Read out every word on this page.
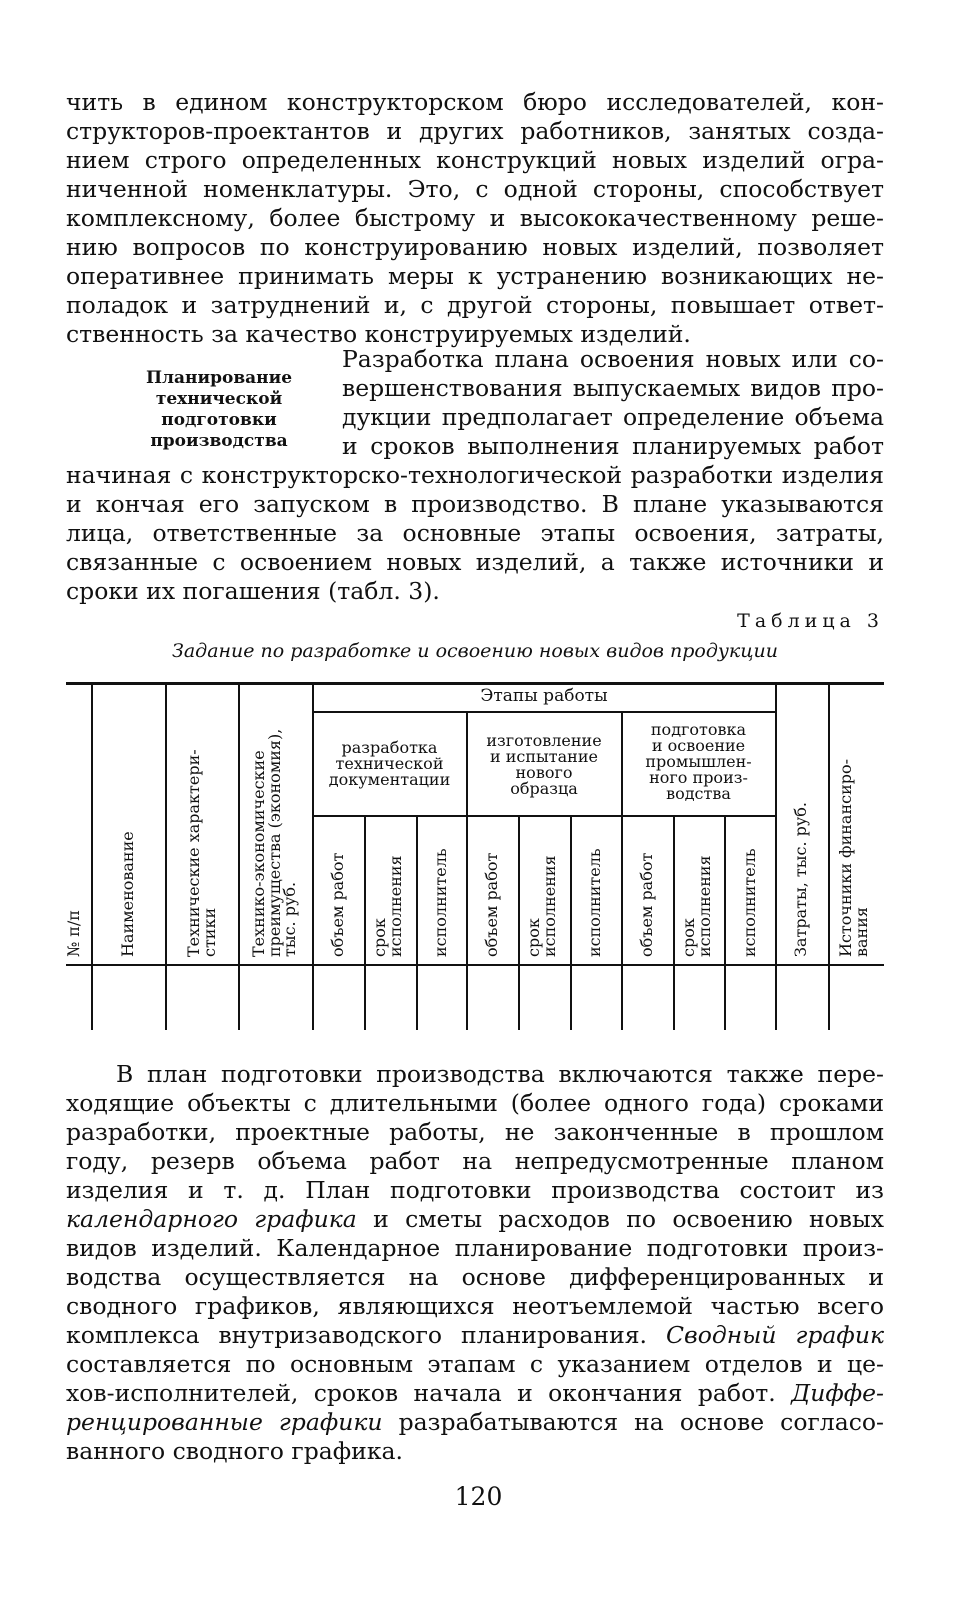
чить в едином конструкторском бюро исследователей, кон-
структоров-проектантов и других работников, занятых созда-
нием строго определенных конструкций новых изделий огра-
ниченной номенклатуры. Это, с одной стороны, способствует
комплексному, более быстрому и высококачественному реше-
нию вопросов по конструированию новых изделий, позволяет
оперативнее принимать меры к устранению возникающих не-
поладок и затруднений и, с другой стороны, повышает ответ-
ственность за качество конструируемых изделий.
Планирование
технической подготовки
производства
Разработка плана освоения новых или со-
вершенствования выпускаемых видов про-
дукции предполагает определение объема
и сроков выполнения планируемых работ
начиная с конструкторско-технологической разработки изделия
и кончая его запуском в производство. В плане указываются
лица, ответственные за основные этапы освоения, затраты,
связанные с освоением новых изделий, а также источники и
сроки их погашения (табл. 3).
Таблица 3
Задание по разработке и освоению новых видов продукции
Этапы работы
разработка
технической
документации
изготовление
и испытание
нового
образца
подготовка
и освоение
промышлен-
ного произ-
водства
№ п/п Наименование	Технические характери-
стики Технико-экономические
преимущества (экономия),
тыс. руб. объем работ срок
исполнения исполнитель объем работ срок
исполнения исполнитель объем работ срок
исполнения исполнитель Затраты, тыс. руб. Источники финансиро-
вания
В план подготовки производства включаются также пере-
ходящие объекты с длительными (более одного года) сроками
разработки, проектные работы, не законченные в прошлом
году, резерв объема работ на непредусмотренные планом
изделия и т. д. План подготовки производства состоит из
календарного графика и сметы расходов по освоению новых
видов изделий. Календарное планирование подготовки произ-
водства осуществляется на основе дифференцированных и
сводного графиков, являющихся неотъемлемой частью всего
комплекса внутризаводского планирования. Сводный график
составляется по основным этапам с указанием отделов и це-
хов-исполнителей, сроков начала и окончания работ. Диффе-
ренцированные графики разрабатываются на основе согласо-
ванного сводного графика.
120
